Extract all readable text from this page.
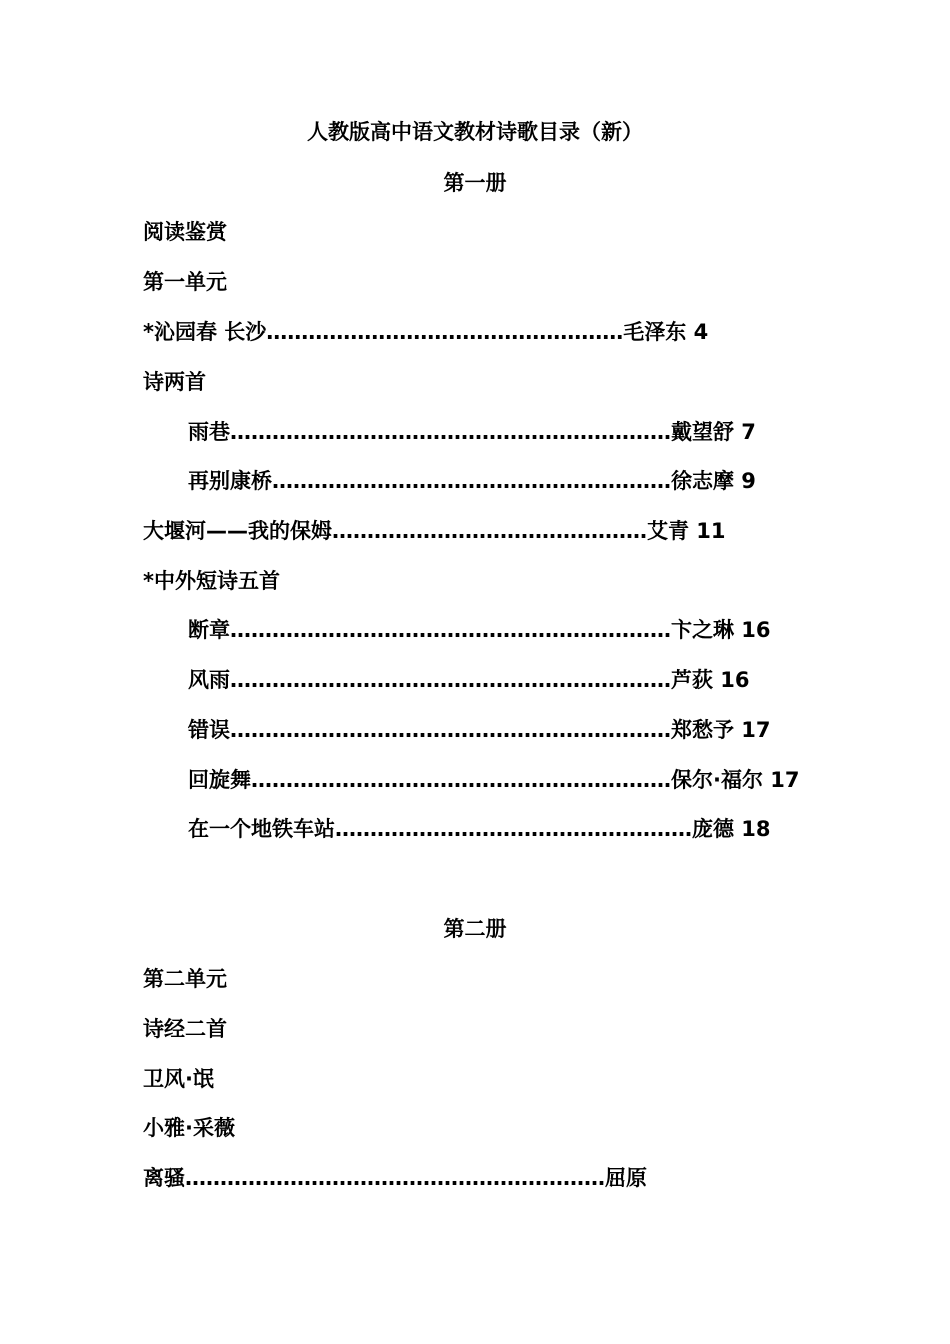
人教版高中语文教材诗歌目录（新）
第一册
阅读鉴赏
第一单元
*沁园春 长沙……………………………………………毛泽东 4
诗两首
雨巷………………………………………………………戴望舒 7
再别康桥…………………………………………………徐志摩 9
大堰河——我的保姆………………………………………艾青 11
*中外短诗五首
断章………………………………………………………卞之琳 16
风雨………………………………………………………芦荻 16
错误………………………………………………………郑愁予 17
回旋舞……………………………………………………保尔·福尔 17
在一个地铁车站……………………………………………庞德 18
第二册
第二单元
诗经二首
卫风·氓
小雅·采薇
离骚……………………………………………………屈原
